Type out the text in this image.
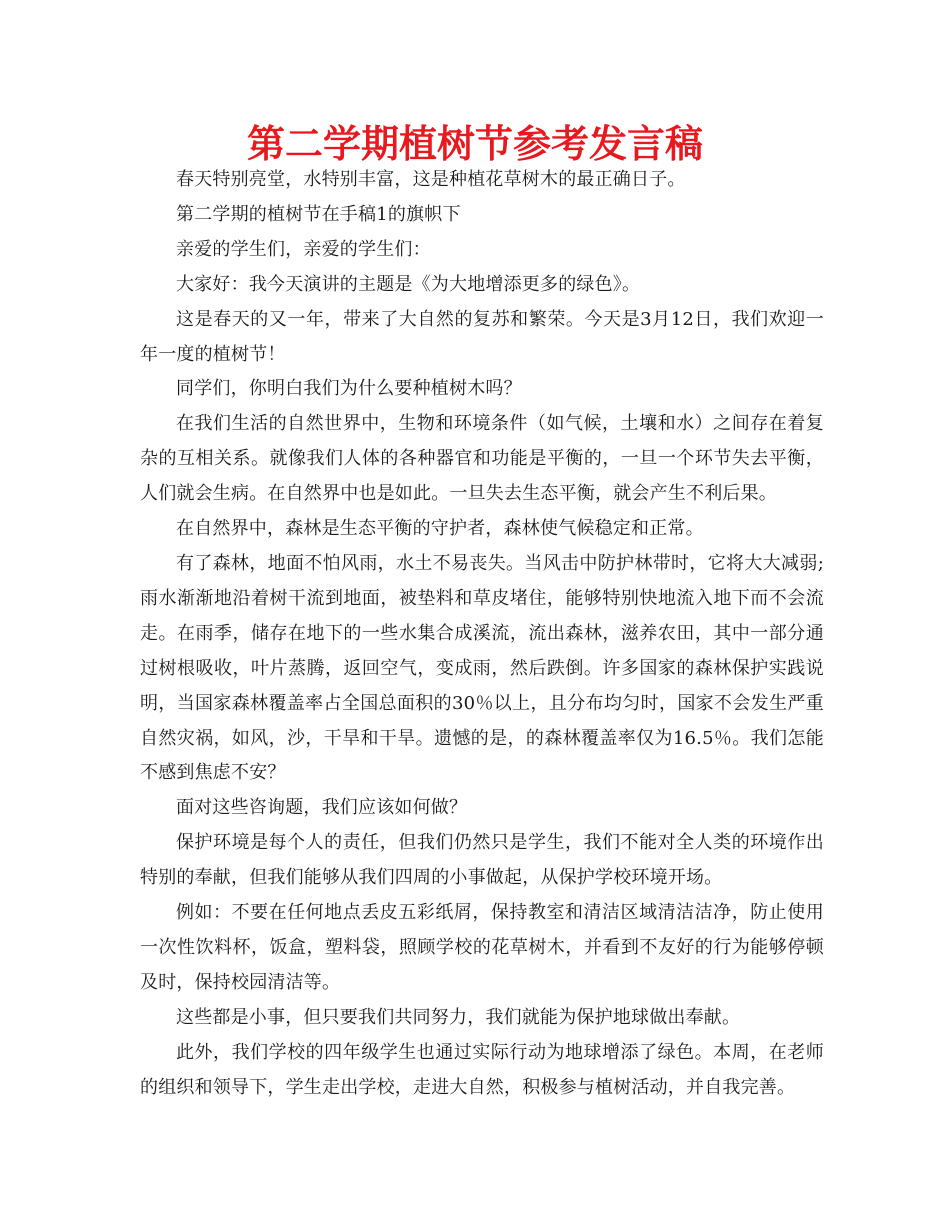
第二学期植树节参考发言稿

春天特别亮堂，水特别丰富，这是种植花草树木的最正确日子。

第二学期的植树节在手稿1的旗帜下

亲爱的学生们，亲爱的学生们：

大家好：我今天演讲的主题是《为大地增添更多的绿色》。

这是春天的又一年，带来了大自然的复苏和繁荣。今天是3月12日，我们欢迎一年一度的植树节！

同学们，你明白我们为什么要种植树木吗？

在我们生活的自然世界中，生物和环境条件（如气候，土壤和水）之间存在着复杂的互相关系。就像我们人体的各种器官和功能是平衡的，一旦一个环节失去平衡，人们就会生病。在自然界中也是如此。一旦失去生态平衡，就会产生不利后果。

在自然界中，森林是生态平衡的守护者，森林使气候稳定和正常。

有了森林，地面不怕风雨，水土不易丧失。当风击中防护林带时，它将大大减弱;雨水渐渐地沿着树干流到地面，被垫料和草皮堵住，能够特别快地流入地下而不会流走。在雨季，储存在地下的一些水集合成溪流，流出森林，滋养农田，其中一部分通过树根吸收，叶片蒸腾，返回空气，变成雨，然后跌倒。许多国家的森林保护实践说明，当国家森林覆盖率占全国总面积的30％以上，且分布均匀时，国家不会发生严重自然灾祸，如风，沙，干旱和干旱。遗憾的是，的森林覆盖率仅为16.5％。我们怎能不感到焦虑不安？

面对这些咨询题，我们应该如何做？

保护环境是每个人的责任，但我们仍然只是学生，我们不能对全人类的环境作出特别的奉献，但我们能够从我们四周的小事做起，从保护学校环境开场。

例如：不要在任何地点丢皮五彩纸屑，保持教室和清洁区域清洁洁净，防止使用一次性饮料杯，饭盒，塑料袋，照顾学校的花草树木，并看到不友好的行为能够停顿及时，保持校园清洁等。

这些都是小事，但只要我们共同努力，我们就能为保护地球做出奉献。

此外，我们学校的四年级学生也通过实际行动为地球增添了绿色。本周，在老师的组织和领导下，学生走出学校，走进大自然，积极参与植树活动，并自我完善。
